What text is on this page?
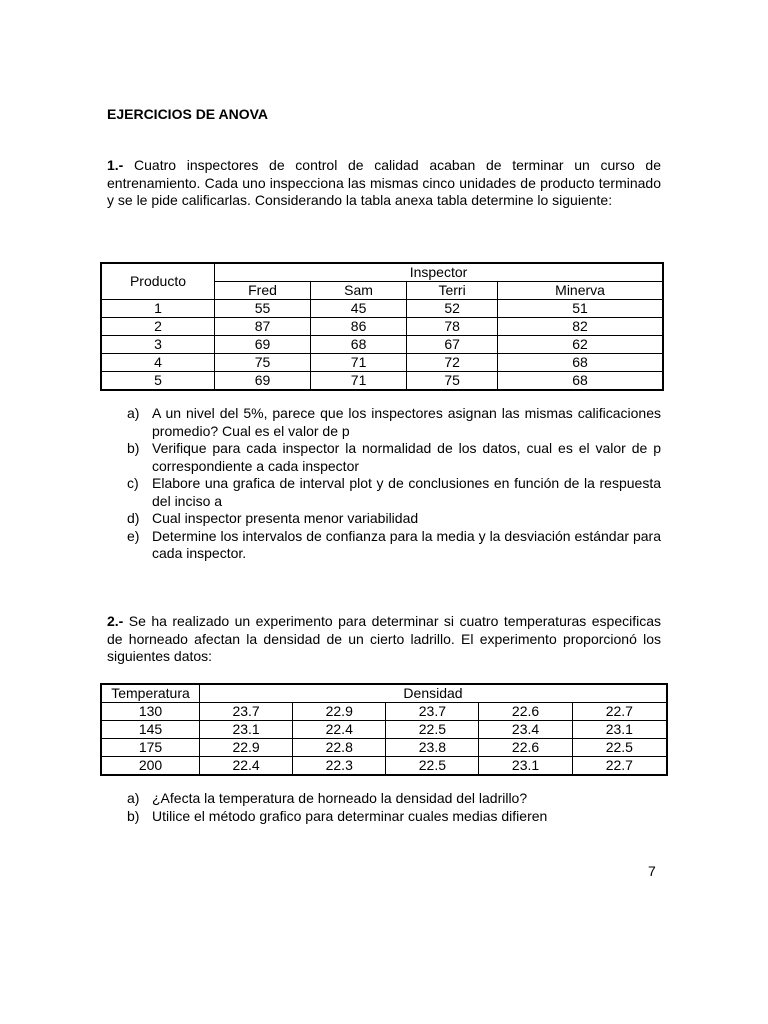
EJERCICIOS DE ANOVA
1.- Cuatro inspectores de control de calidad acaban de terminar un curso de entrenamiento. Cada uno inspecciona las mismas cinco unidades de producto terminado y se le pide calificarlas. Considerando la tabla anexa tabla determine lo siguiente:
Producto	Inspector			
	Fred	Sam	Terri	Minerva
1	55	45	52	51
2	87	86	78	82
3	69	68	67	62
4	75	71	72	68
5	69	71	75	68
a) A un nivel del 5%, parece que los inspectores asignan las mismas calificaciones promedio? Cual es el valor de p
b) Verifique para cada inspector la normalidad de los datos, cual es el valor de p correspondiente a cada inspector
c) Elabore una grafica de interval plot y de conclusiones en función de la respuesta del inciso a
d) Cual inspector presenta menor variabilidad
e) Determine los intervalos de confianza para la media y la desviación estándar para cada inspector.
2.- Se ha realizado un experimento para determinar si cuatro temperaturas especificas de horneado afectan la densidad de un cierto ladrillo. El experimento proporcionó los siguientes datos:
Temperatura	Densidad				
130	23.7	22.9	23.7	22.6	22.7
145	23.1	22.4	22.5	23.4	23.1
175	22.9	22.8	23.8	22.6	22.5
200	22.4	22.3	22.5	23.1	22.7
a) ¿Afecta la temperatura de horneado la densidad del ladrillo?
b) Utilice el método grafico para determinar cuales medias difieren
7
